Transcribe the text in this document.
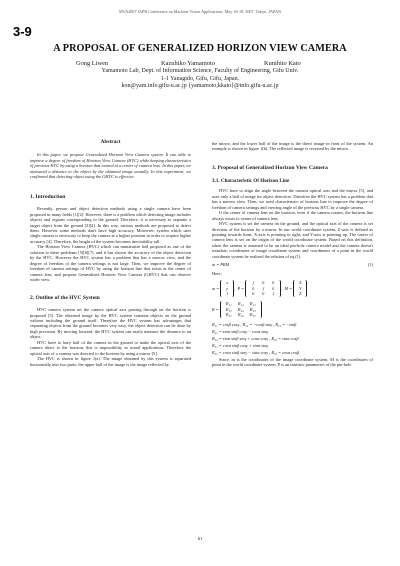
MVA2007 IAPR Conference on Machine Vision Applications, May 16-18, 2007, Tokyo, JAPAN
3-9
A PROPOSAL OF GENERALIZED HORIZON VIEW CAMERA
Gong Liwen	Kazuhiko Yamamoto	Kunihito Kato
Yamamoto Lab, Dept. of Information Science, Faculty of Engineering, Gifu Univ.
1-1 Yanagido, Gifu, Gifu, Japan.
kon@yam.info.gifu-u.ac.jp {yamamoto,kkato}@info.gifu-u.ac.jp

Abstract

In this paper, we propose Generalized Horizon View Camera system. It can able to improve a degree of freedom of Horizon View Camera (HVC) while keeping characteristics of previous HVC by using a horizon that existed at a center of camera lens. In this paper, we measured a distance to the object by the obtained image actually. In this experiment, we confirmed that detecting object using the GHVC is effective.

1. Introduction

Recently, person and object detection methods using a single camera have been proposed in many fields [1][2]. However, there is a problem which detecting image includes objects and regions corresponding to the ground. Therefore, it is necessary to separate a target object from the ground [3][4]. In this way, various methods are proposed to detect them. However some methods don't have high accuracy. Moreover, system which uses single camera is necessary to keep the camera at a higher position in order to acquire higher accuracy [4]. Therefore, the height of the system becomes inevitability tall.

The Horizon View Camera (HVC) which can miniaturize had proposed as one of the solution to these problems [5][6][7], and it has shown the accuracy of the object detection by the HVC. However the HVC system has a problem that has a narrow view, and the degree of freedom of the camera settings is not large. Then, we improve the degree of freedom of camera settings of HVC by using the horizon line that exists at the center of camera lens, and propose Generalized Horizon View Camera (GHVC) that can observe wider view.

2. Outline of the HVC System

HVC camera system set the camera optical axis passing through on the horizon is proposed [5]. The obtained image by the HVC system contains objects on the ground without including the ground itself. Therefore the HVC system has advantages that separating objects from the ground becomes very easy, the object detection can be done by high precision. By moving forward, the HVC system can easily measure the distance to an object.

HVC have to bury half of the camera in the ground to make the optical axis of the camera direct to the horizon, this is impossibility in actual applications. Therefore the optical axis of a camera was directed to the horizon by using a mirror [5].

The HVC is shown in figure 1(a). The image obtained by this system is separated horizontally into two parts; the upper half of the image is the image reflected by

the mirror, and the lower half of the image is the direct image in front of the system. An example is shown in figure 1(b). The reflected image is reversed by the mirror.

3. Proposal of Generalized Horizon View Camera
3.1. Characteristic Of Horizon Line

HVC have to align the angle between the camera optical axis and the mirror [5], and uses only a half of image for object detection. Therefore the HVC system has a problem that has a narrow view. Then, we used characteristic of horizon line to improve the degree of freedom of camera settings and viewing angle of the previous HVC by a single camera.

If the center of camera lens on the horizon, even if the camera rotates, the horizon line always exists to center of camera lens.

HVC system is set the camera on the ground, and the optical axis of the camera is set direction of the horizon by a mirror. In our world coordinate system, Z-axis is defined as pointing towards front; X-axis is pointing to right; and Y-axis is pointing up. The center of camera lens is set on the origin of the world coordinate system. Based on this definition, when the camera is assumed to be an ideal pin-hole camera model and the camera doesn't translate, coordinates of image coordinate system and coordinates of a point in the world coordinate system be realized the relation of eq.(1).

m = PRM	(1)

Here;

m =
x
y
1
,  P =
f	0	0
0	f	0
0	0	1
,  M =
X
Y
Z
R =
R₁₁	R₁₂	R₁₃
R₂₁	R₂₂	R₂₃
R₃₁	R₃₂	R₃₃
R₁₁ = cosβ cosγ , R₁₂ = −cosβ sinγ , R₁₃ = −sinβ
R₂₁ = sinα sinβ cosγ − cosα sinγ
R₂₂ = sinα sinβ sinγ + cosα cosγ , R₂₃ = sinα cosβ
R₃₁ = cosα sinβ cosγ + sinα sinγ
R₃₂ = cosα sinβ sinγ − sinα cosγ , R₃₃ = cosα cosβ

Since, m is the coordinates of the image coordinate system, M is the coordinates of point in the world coordinate system, P is an intrinsic parameters of the pin-hole

61
